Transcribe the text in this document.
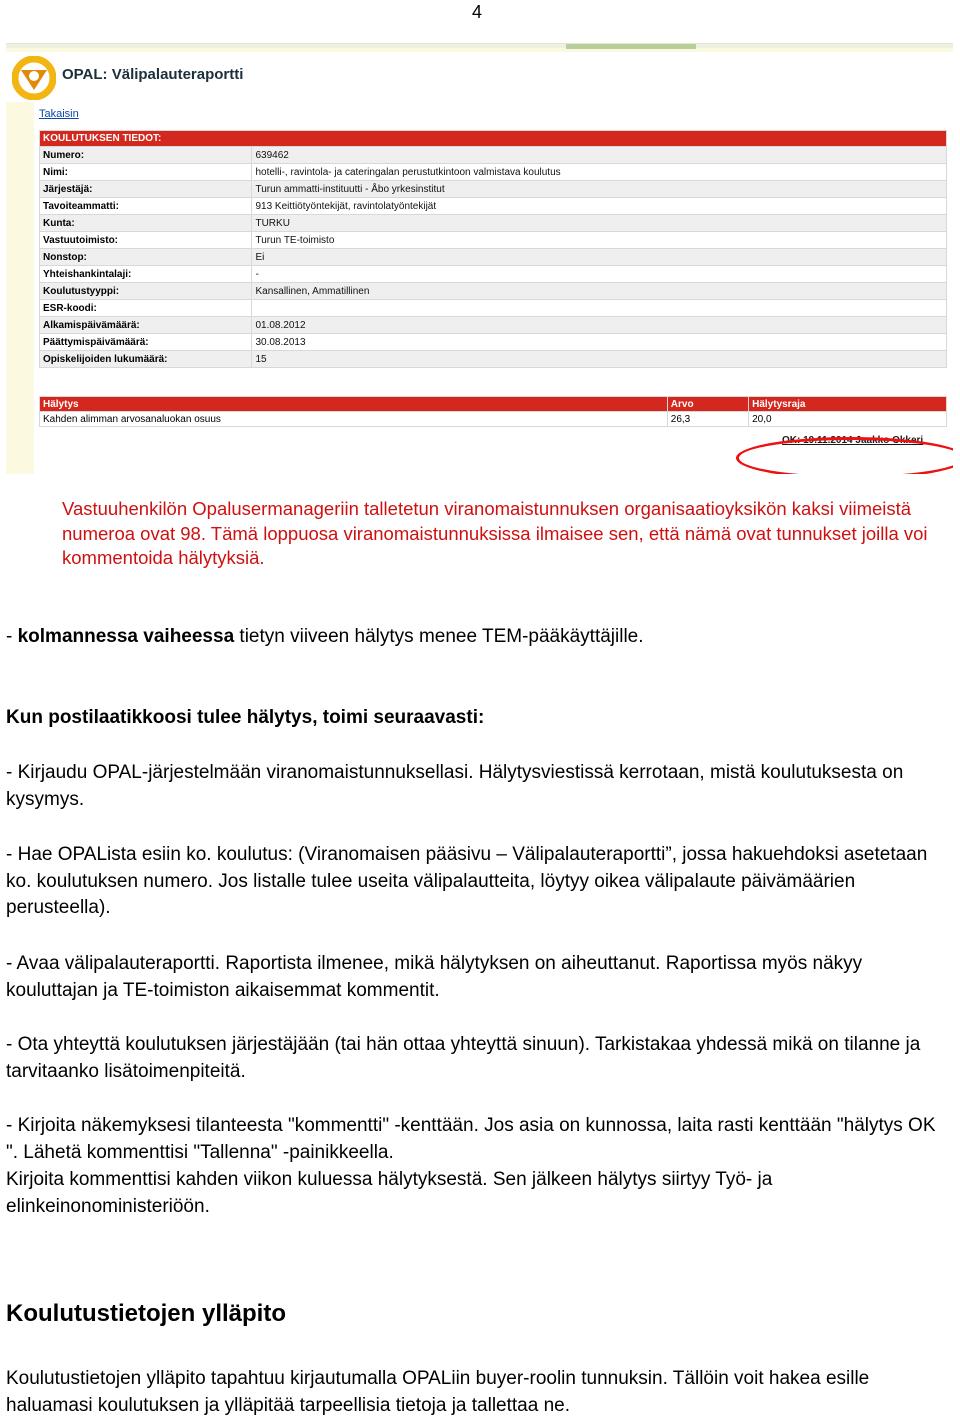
4
OPAL: Välipalauteraportti
Takaisin
KOULUTUKSEN TIEDOT:	
Numero:	639462
Nimi:	hotelli-, ravintola- ja cateringalan perustutkintoon valmistava koulutus
Järjestäjä:	Turun ammatti-instituutti - Åbo yrkesinstitut
Tavoiteammatti:	913 Keittiötyöntekijät, ravintolatyöntekijät
Kunta:	TURKU
Vastuutoimisto:	Turun TE-toimisto
Nonstop:	Ei
Yhteishankintalaji:	-
Koulutustyyppi:	Kansallinen, Ammatillinen
ESR-koodi:	
Alkamispäivämäärä:	01.08.2012
Päättymispäivämäärä:	30.08.2013
Opiskelijoiden lukumäärä:	15
Hälytys	Arvo	Hälytysraja
Kahden alimman arvosanaluokan osuus	26,3	20,0
OK: 19.11.2014 Jaakko Okkeri

Vastuuhenkilön Opalusermanageriin talletetun viranomaistunnuksen organisaatioyksikön kaksi viimeistä numeroa ovat 98. Tämä loppuosa viranomaistunnuksissa ilmaisee sen, että nämä ovat tunnukset joilla voi kommentoida hälytyksiä.

- kolmannessa vaiheessa tietyn viiveen hälytys menee TEM-pääkäyttäjille.

Kun postilaatikkoosi tulee hälytys, toimi seuraavasti:

- Kirjaudu OPAL-järjestelmään viranomaistunnuksellasi. Hälytysviestissä kerrotaan, mistä koulutuksesta on kysymys.

- Hae OPALista esiin ko. koulutus: (Viranomaisen pääsivu – Välipalauteraportti”, jossa hakuehdoksi asetetaan ko. koulutuksen numero. Jos listalle tulee useita välipalautteita, löytyy oikea välipalaute päivämäärien perusteella).

- Avaa välipalauteraportti. Raportista ilmenee, mikä hälytyksen on aiheuttanut. Raportissa myös näkyy kouluttajan ja TE-toimiston aikaisemmat kommentit.

- Ota yhteyttä koulutuksen järjestäjään (tai hän ottaa yhteyttä sinuun). Tarkistakaa yhdessä mikä on tilanne ja tarvitaanko lisätoimenpiteitä.

- Kirjoita näkemyksesi tilanteesta "kommentti" -kenttään. Jos asia on kunnossa, laita rasti kenttään "hälytys OK ". Lähetä kommenttisi "Tallenna" -painikkeella.

Kirjoita kommenttisi kahden viikon kuluessa hälytyksestä. Sen jälkeen hälytys siirtyy Työ- ja elinkeinonoministeriöön.

Koulutustietojen ylläpito

Koulutustietojen ylläpito tapahtuu kirjautumalla OPALiin buyer-roolin tunnuksin. Tällöin voit hakea esille haluamasi koulutuksen ja ylläpitää tarpeellisia tietoja ja tallettaa ne.
